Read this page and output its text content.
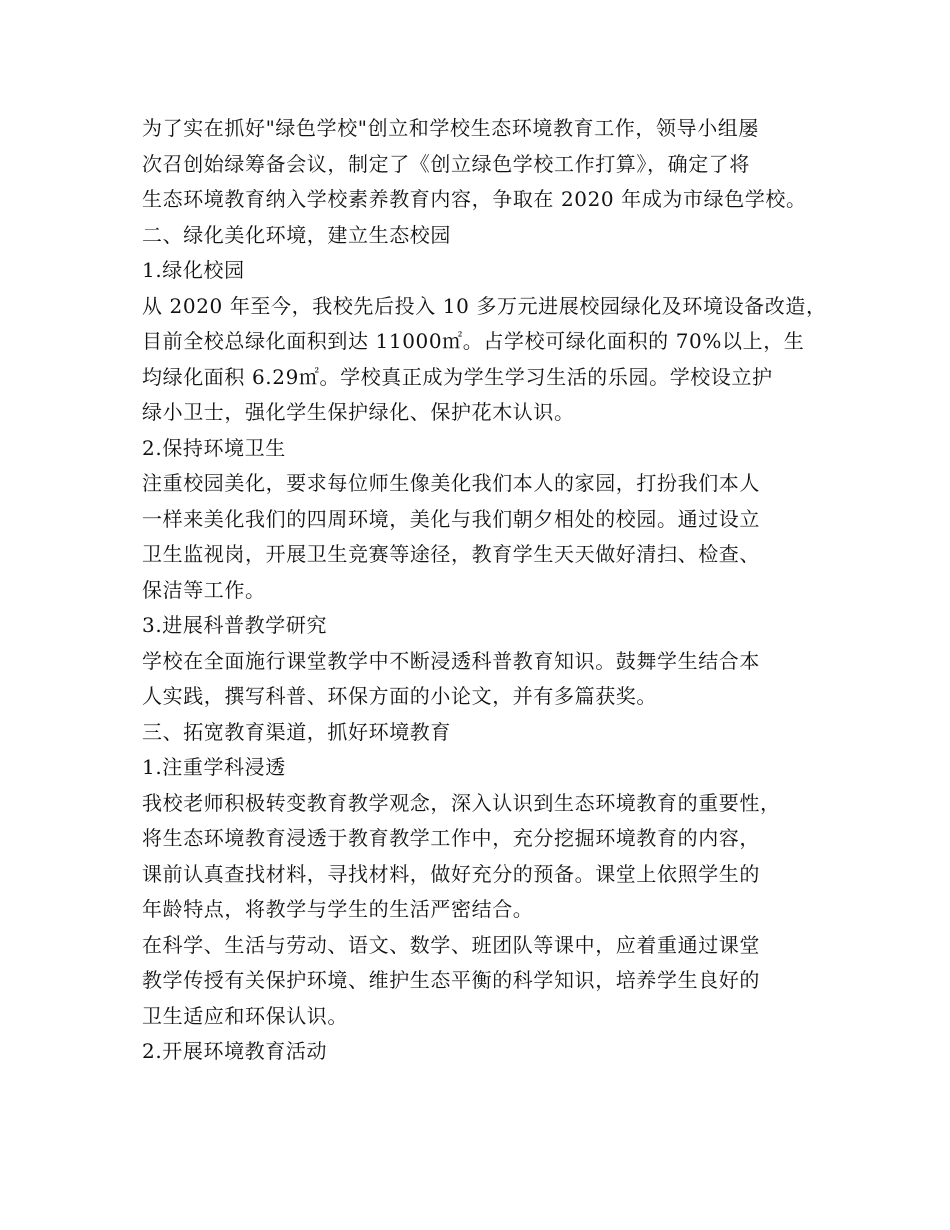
为了实在抓好"绿色学校"创立和学校生态环境教育工作，领导小组屡
次召创始绿筹备会议，制定了《创立绿色学校工作打算》，确定了将
生态环境教育纳入学校素养教育内容，争取在 2020 年成为市绿色学校。
二、绿化美化环境，建立生态校园
1.绿化校园
从 2020 年至今，我校先后投入 10 多万元进展校园绿化及环境设备改造，
目前全校总绿化面积到达 11000㎡。占学校可绿化面积的 70%以上，生
均绿化面积 6.29㎡。学校真正成为学生学习生活的乐园。学校设立护
绿小卫士，强化学生保护绿化、保护花木认识。
2.保持环境卫生
注重校园美化，要求每位师生像美化我们本人的家园，打扮我们本人
一样来美化我们的四周环境，美化与我们朝夕相处的校园。通过设立
卫生监视岗，开展卫生竞赛等途径，教育学生天天做好清扫、检查、
保洁等工作。
3.进展科普教学研究
学校在全面施行课堂教学中不断浸透科普教育知识。鼓舞学生结合本
人实践，撰写科普、环保方面的小论文，并有多篇获奖。
三、拓宽教育渠道，抓好环境教育
1.注重学科浸透
我校老师积极转变教育教学观念，深入认识到生态环境教育的重要性，
将生态环境教育浸透于教育教学工作中，充分挖掘环境教育的内容，
课前认真查找材料，寻找材料，做好充分的预备。课堂上依照学生的
年龄特点，将教学与学生的生活严密结合。
在科学、生活与劳动、语文、数学、班团队等课中，应着重通过课堂
教学传授有关保护环境、维护生态平衡的科学知识，培养学生良好的
卫生适应和环保认识。
2.开展环境教育活动
